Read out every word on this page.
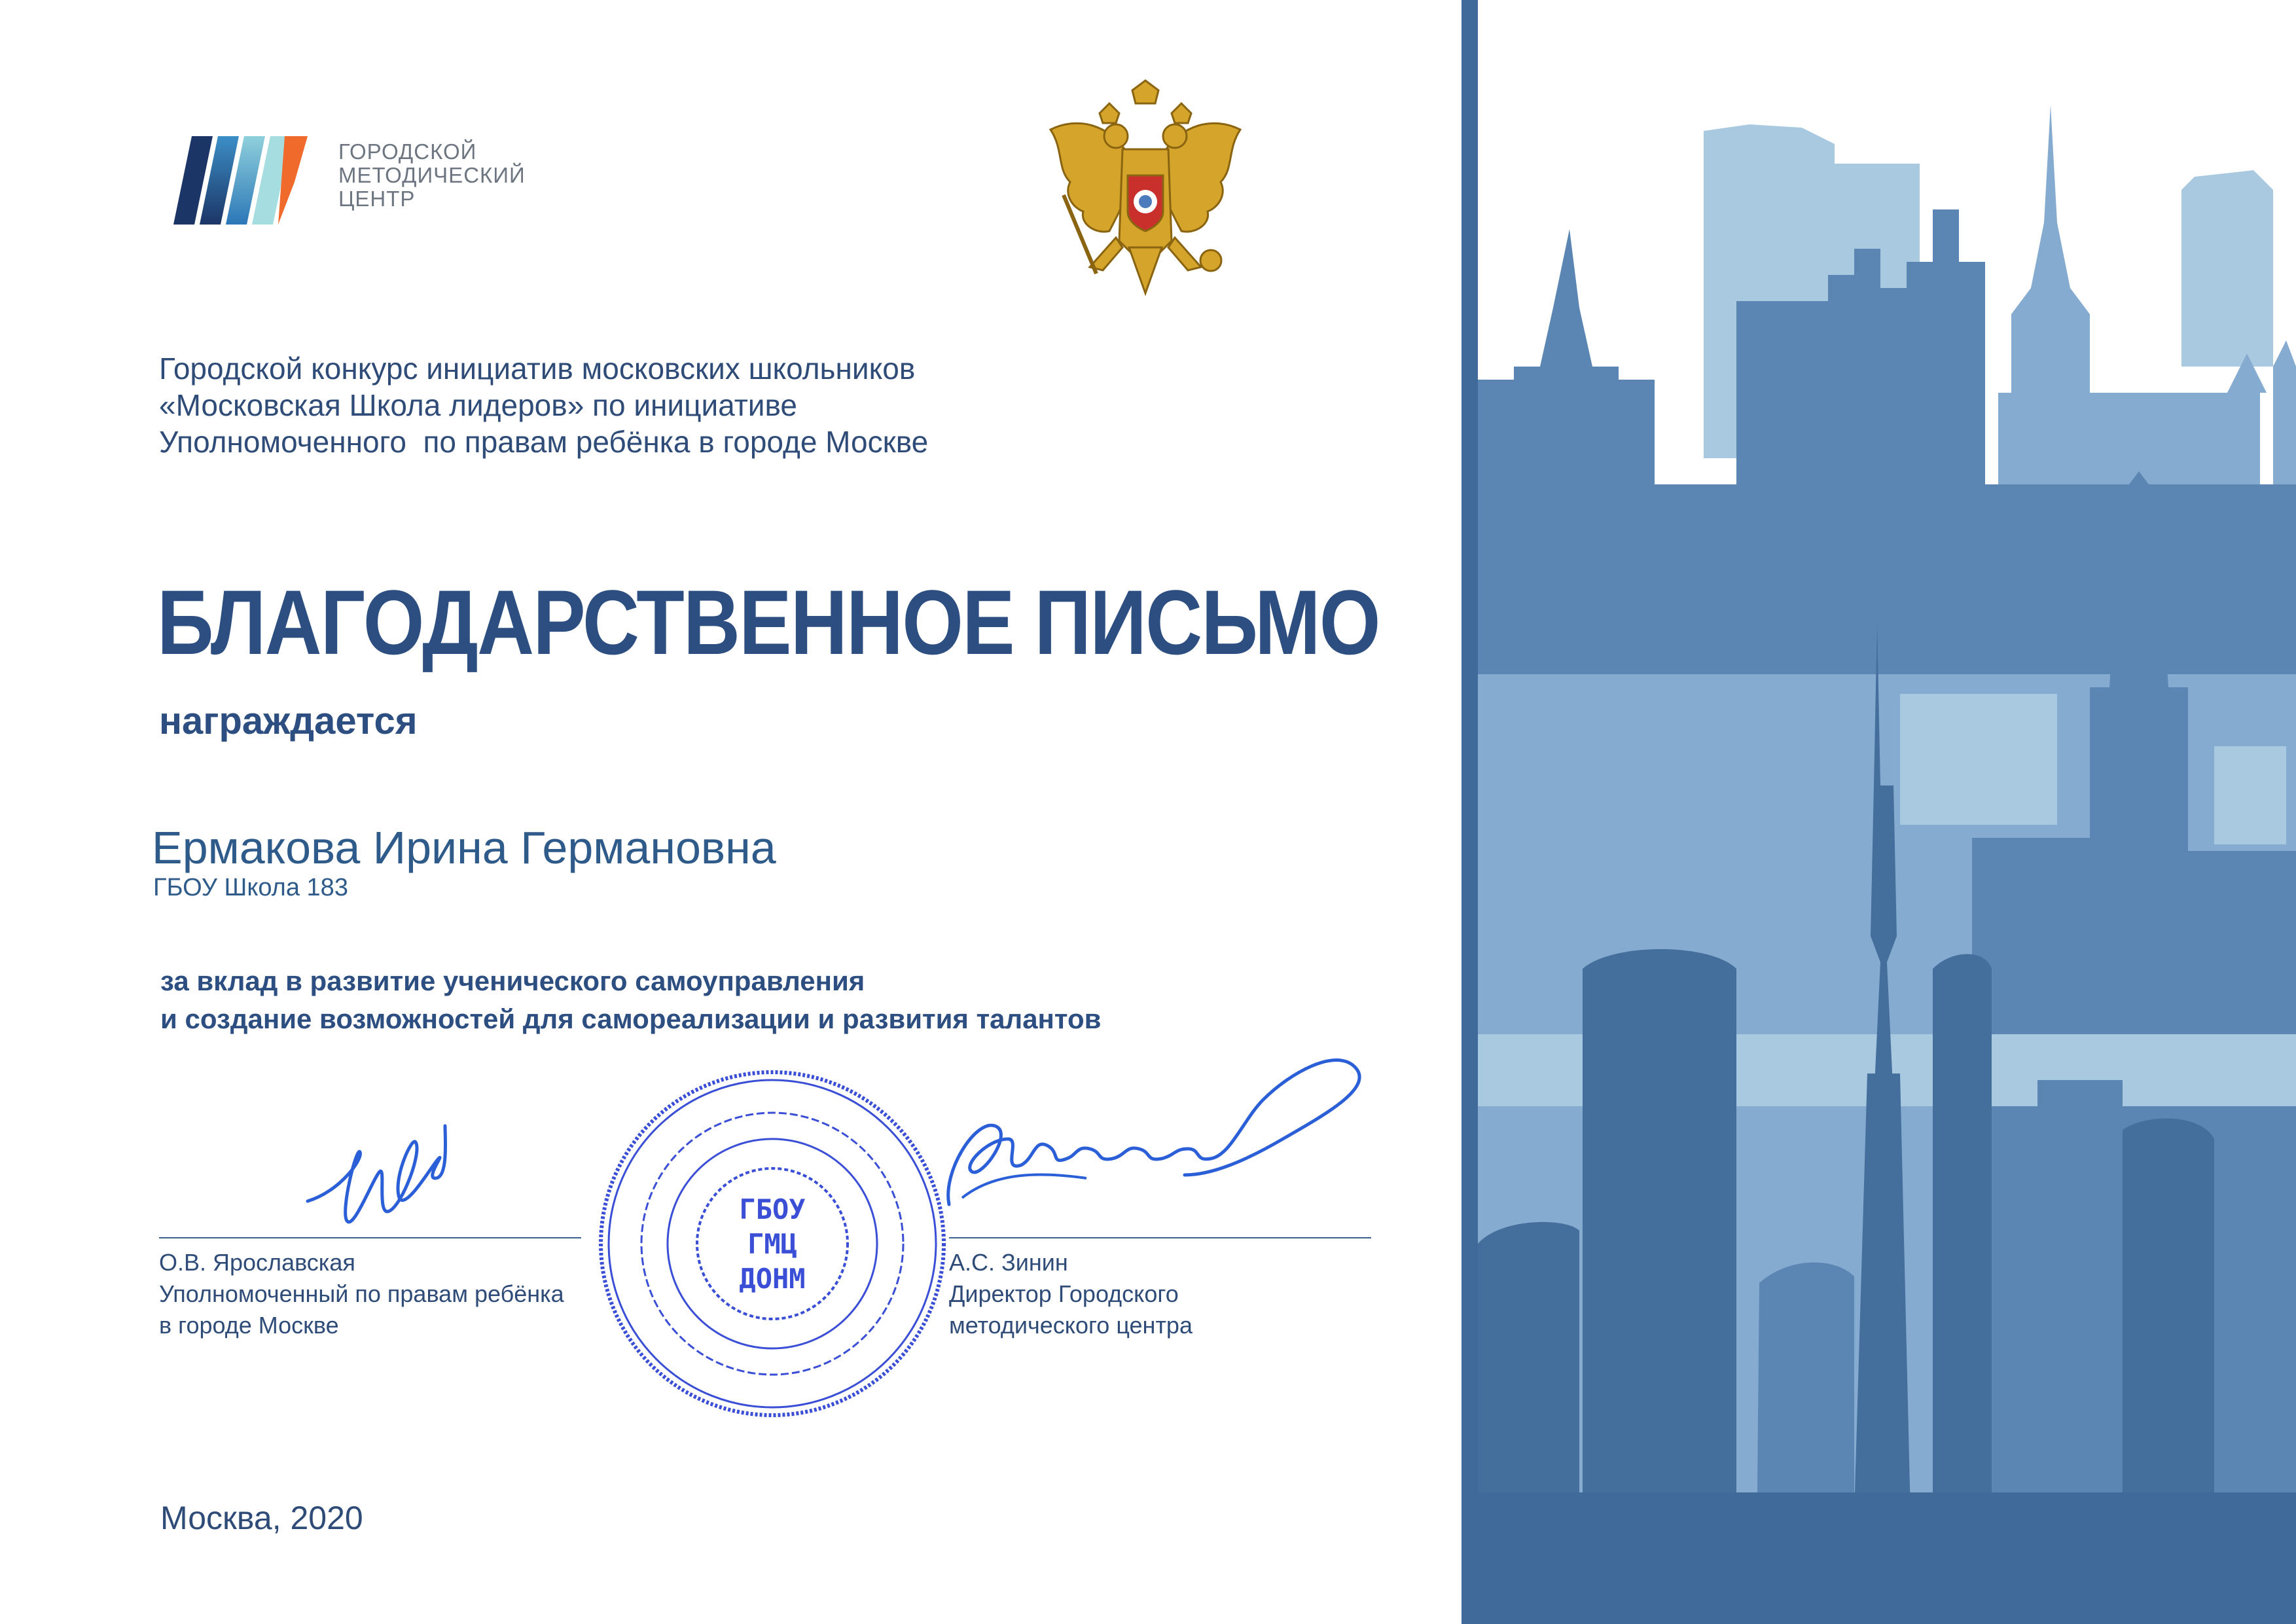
ГОРОДСКОЙ
МЕТОДИЧЕСКИЙ
ЦЕНТР
Городской конкурс инициатив московских школьников
«Московская Школа лидеров» по инициативе
Уполномоченного  по правам ребёнка в городе Москве
БЛАГОДАРСТВЕННОЕ ПИСЬМО
награждается
Ермакова Ирина Германовна
ГБОУ Школа 183
за вклад в развитие ученического самоуправления
и создание возможностей для самореализации и развития талантов
О.В. Ярославская
Уполномоченный по правам ребёнка
в городе Москве
А.С. Зинин
Директор Городского
методического центра
ГБОУ
ГМЦ
ДОНМ
Москва, 2020
